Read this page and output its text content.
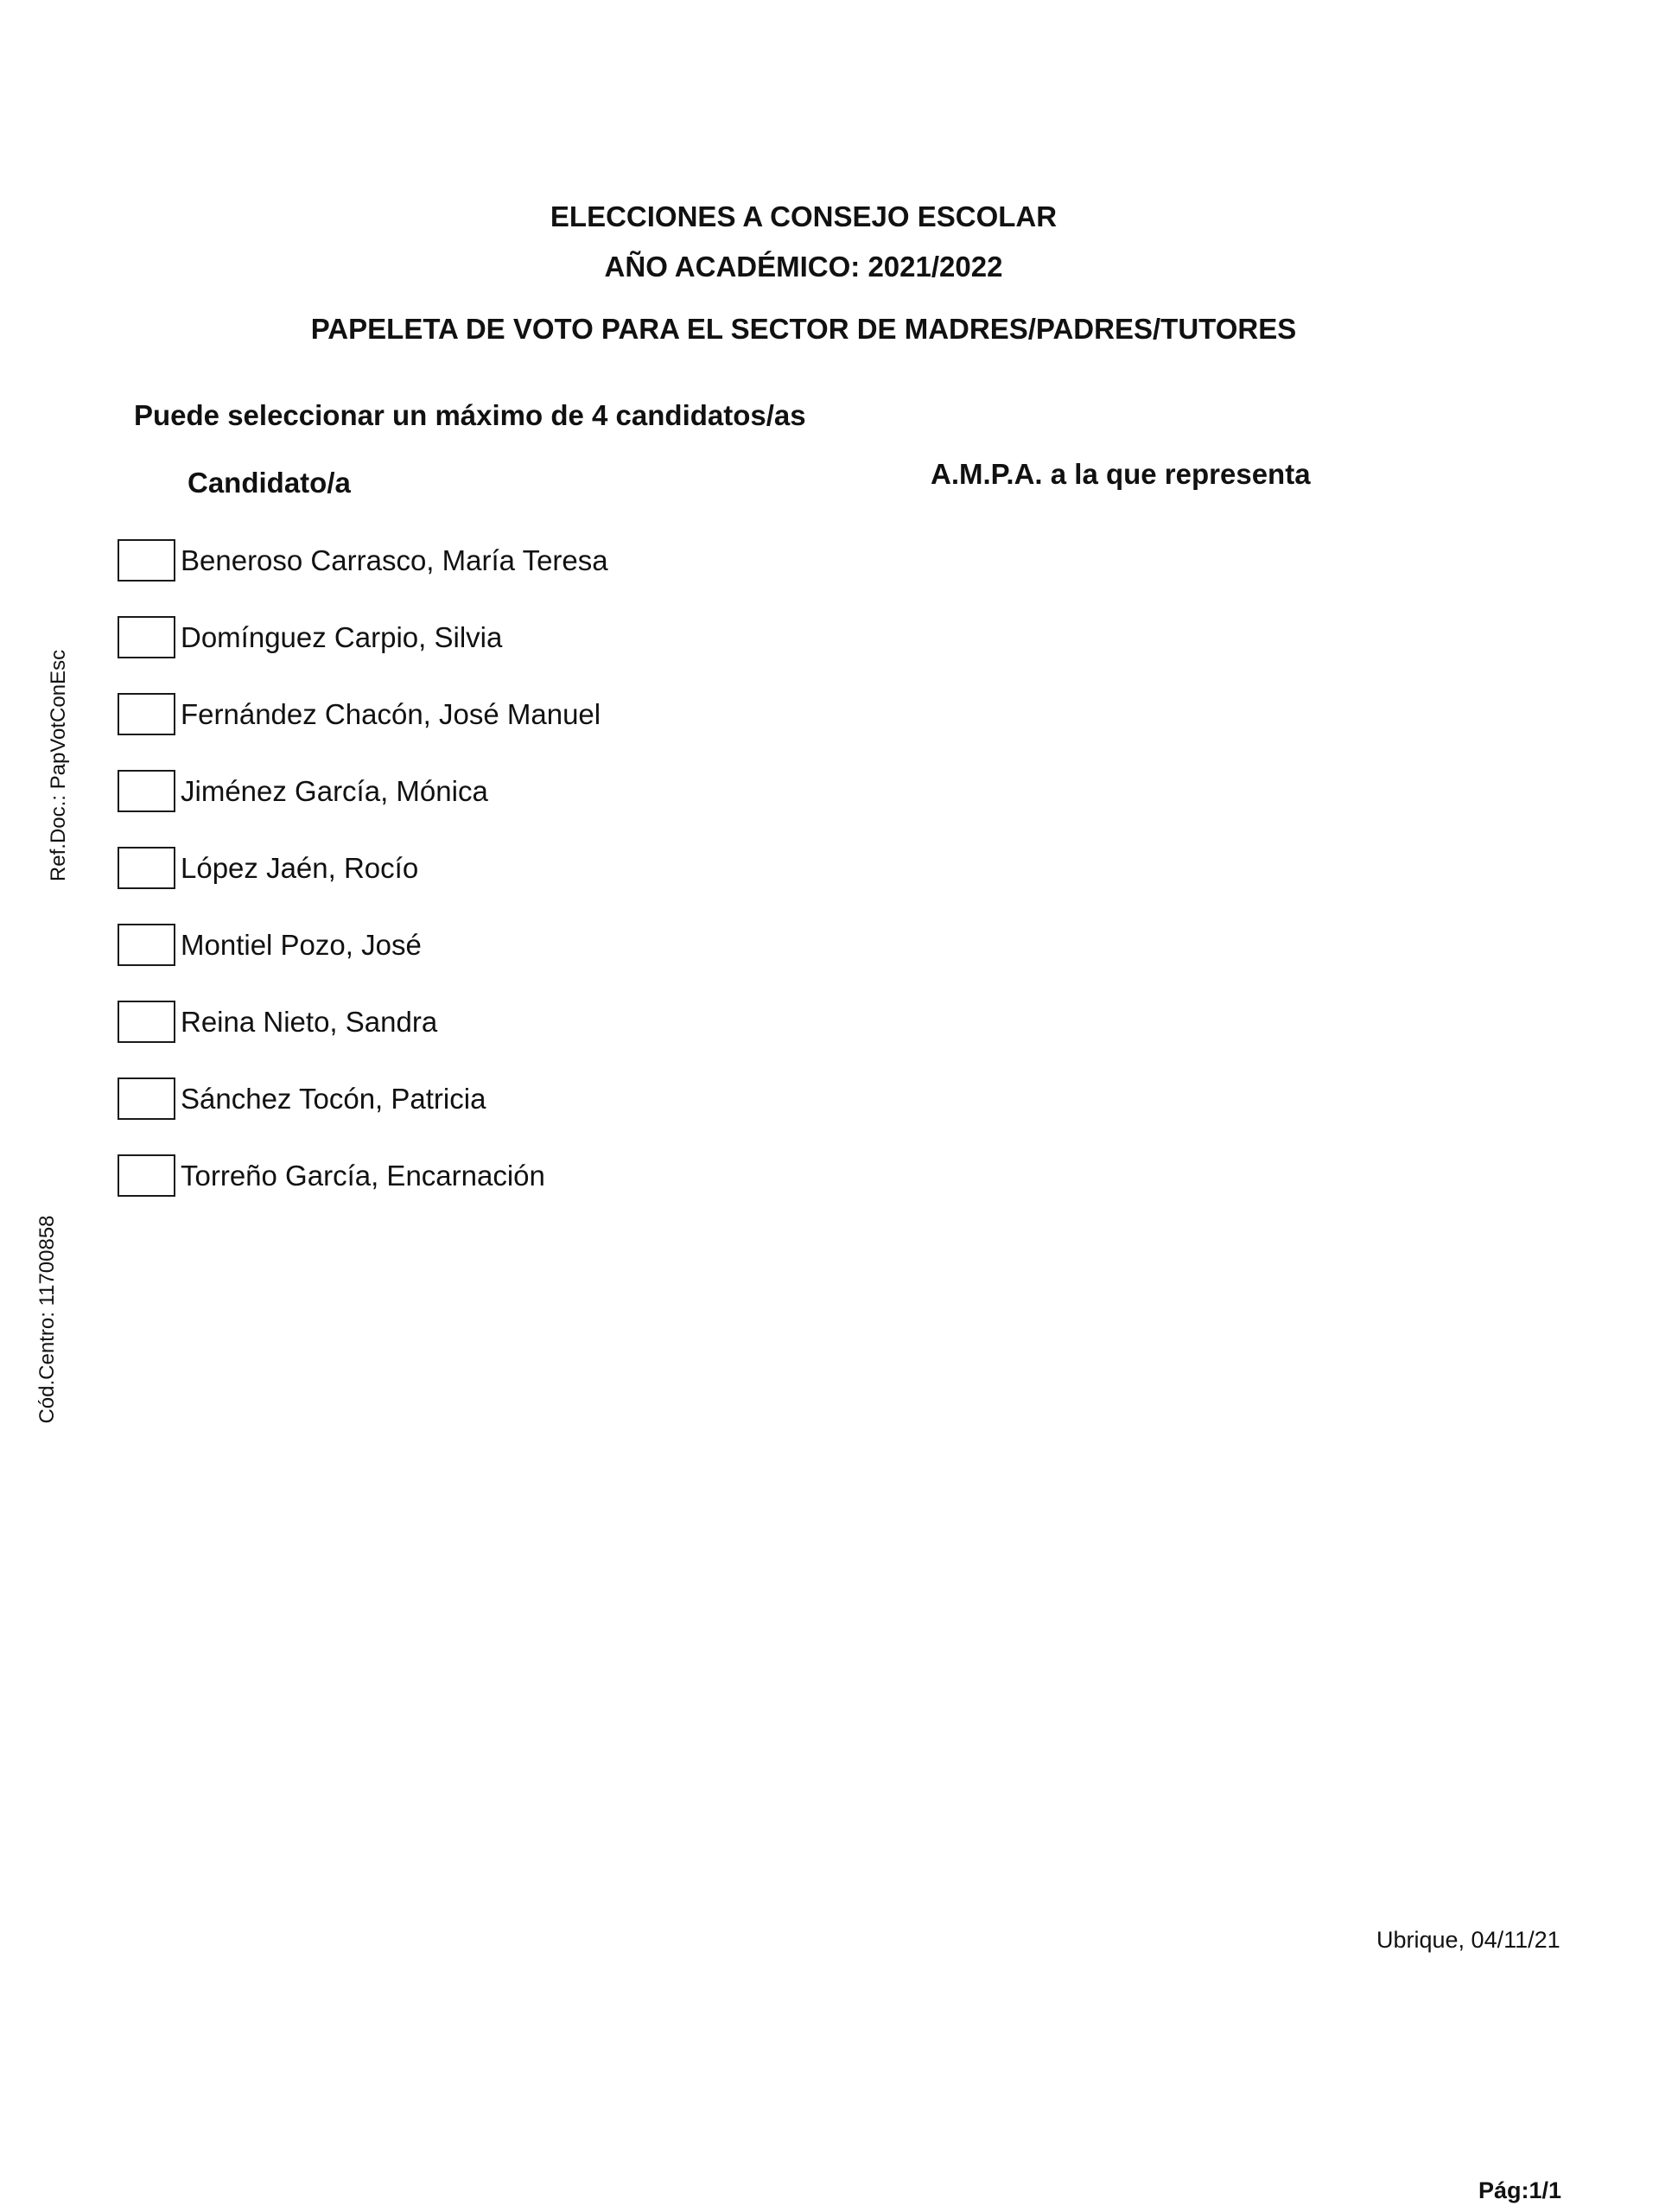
ELECCIONES A CONSEJO ESCOLAR
AÑO ACADÉMICO: 2021/2022
PAPELETA DE VOTO PARA EL SECTOR DE MADRES/PADRES/TUTORES
Puede seleccionar un máximo de 4 candidatos/as
Candidato/a	A.M.P.A. a la que representa
Beneroso Carrasco, María Teresa
Domínguez Carpio, Silvia
Fernández Chacón, José Manuel
Jiménez García, Mónica
López Jaén, Rocío
Montiel Pozo, José
Reina Nieto, Sandra
Sánchez Tocón, Patricia
Torreño García, Encarnación
Ref.Doc.: PapVotConEsc
Cód.Centro: 11700858
Ubrique, 04/11/21
Pág:1/1
